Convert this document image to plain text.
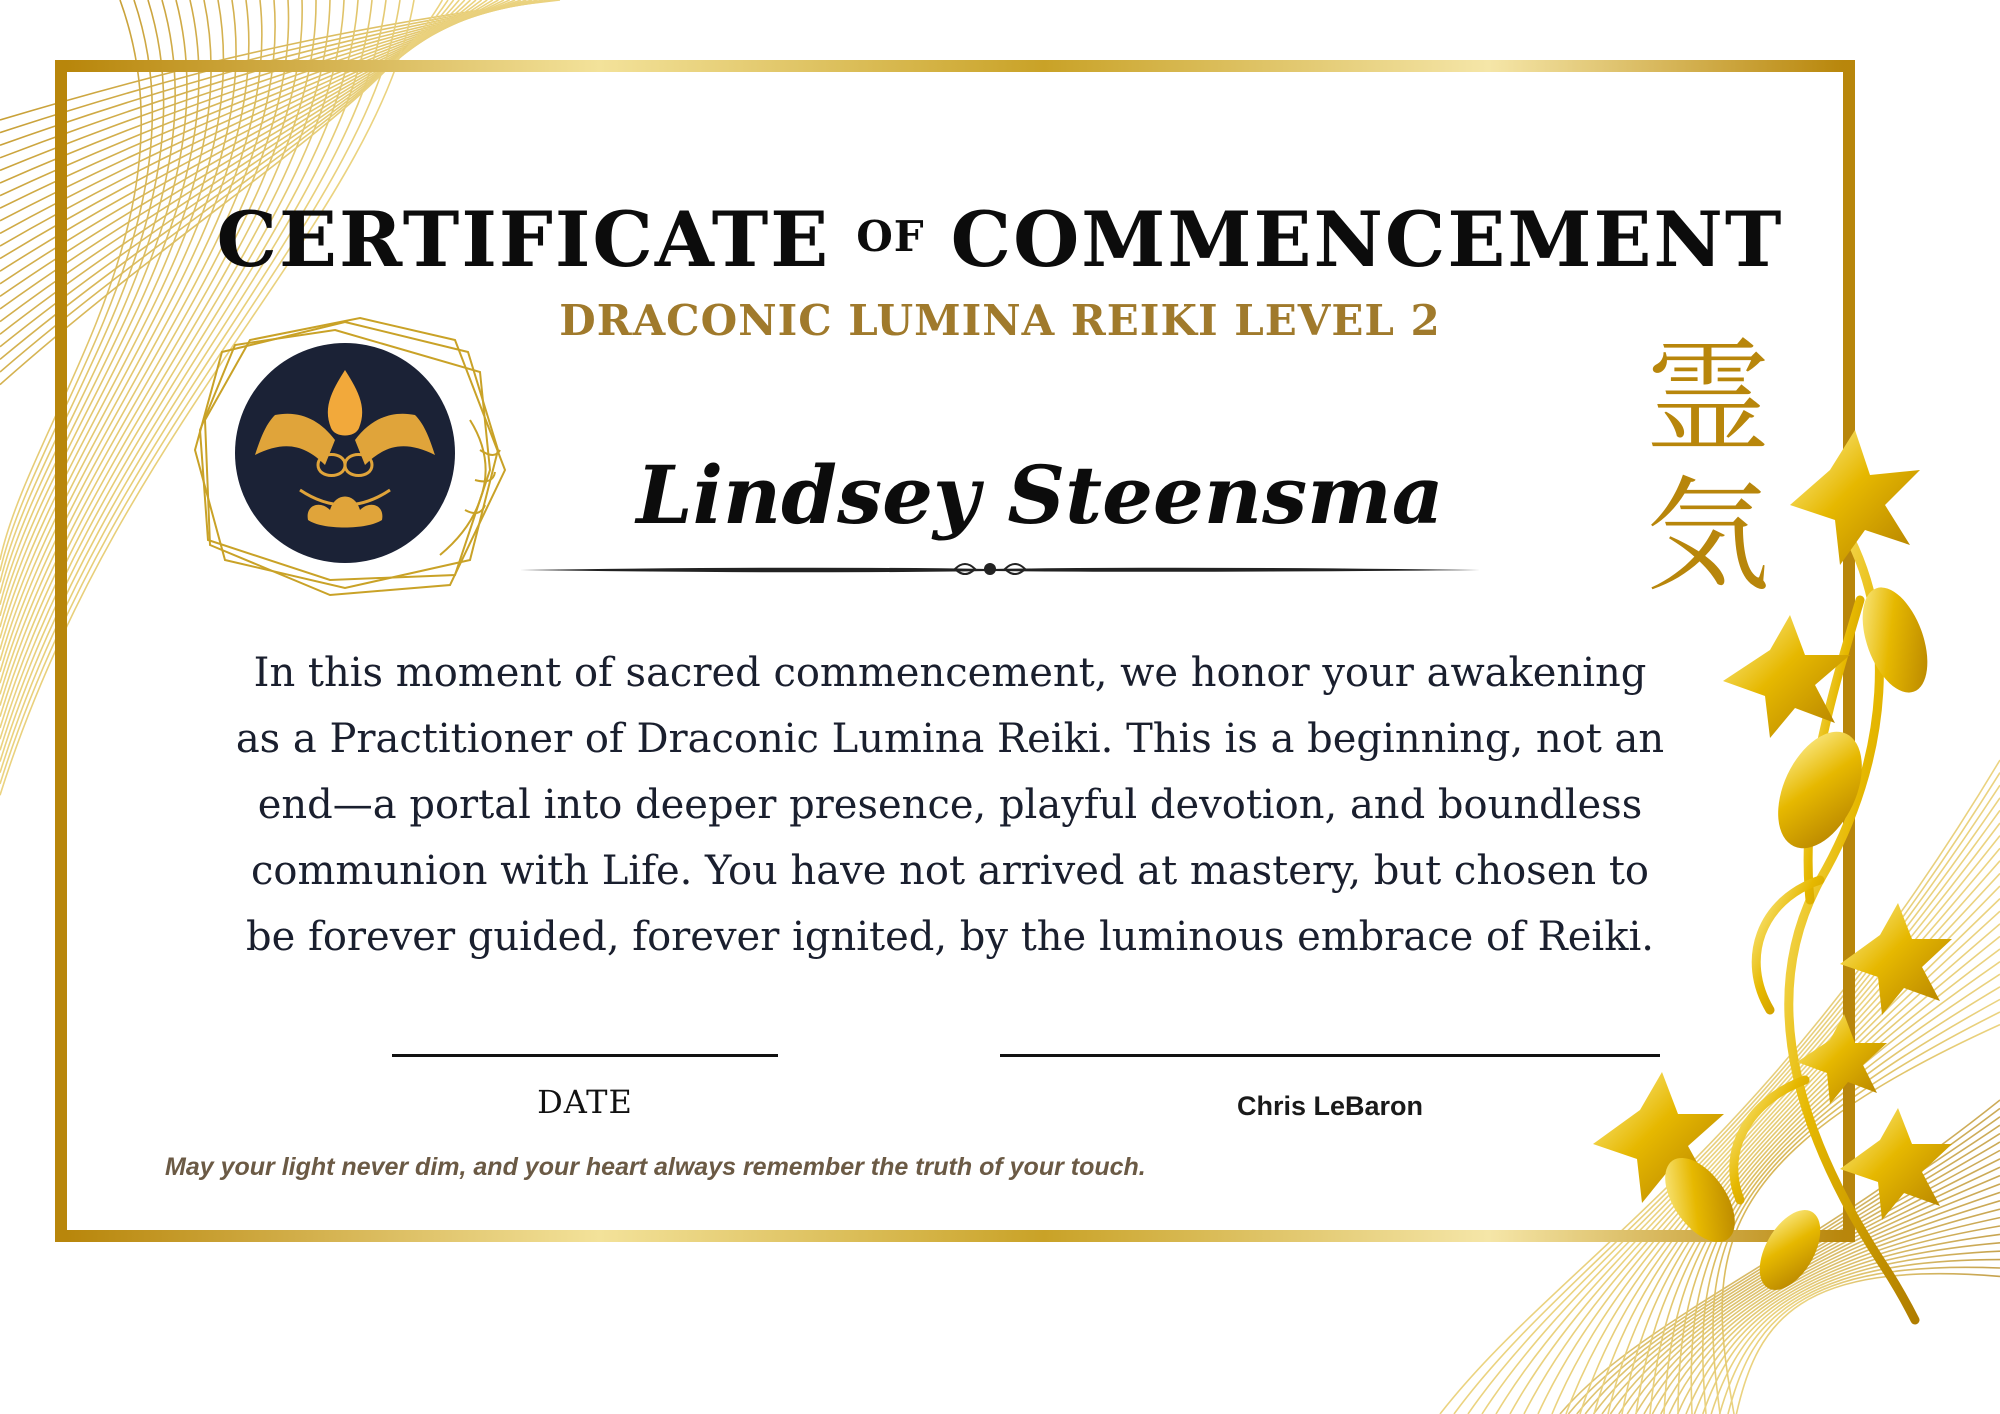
CERTIFICATE OF COMMENCEMENT
DRACONIC LUMINA REIKI LEVEL 2
Lindsey Steensma
In this moment of sacred commencement, we honor your awakening
as a Practitioner of Draconic Lumina Reiki. This is a beginning, not an
end—a portal into deeper presence, playful devotion, and boundless
communion with Life. You have not arrived at mastery, but chosen to
be forever guided, forever ignited, by the luminous embrace of Reiki.
DATE	Chris LeBaron
May your light never dim, and your heart always remember the truth of your touch.
霊
気
